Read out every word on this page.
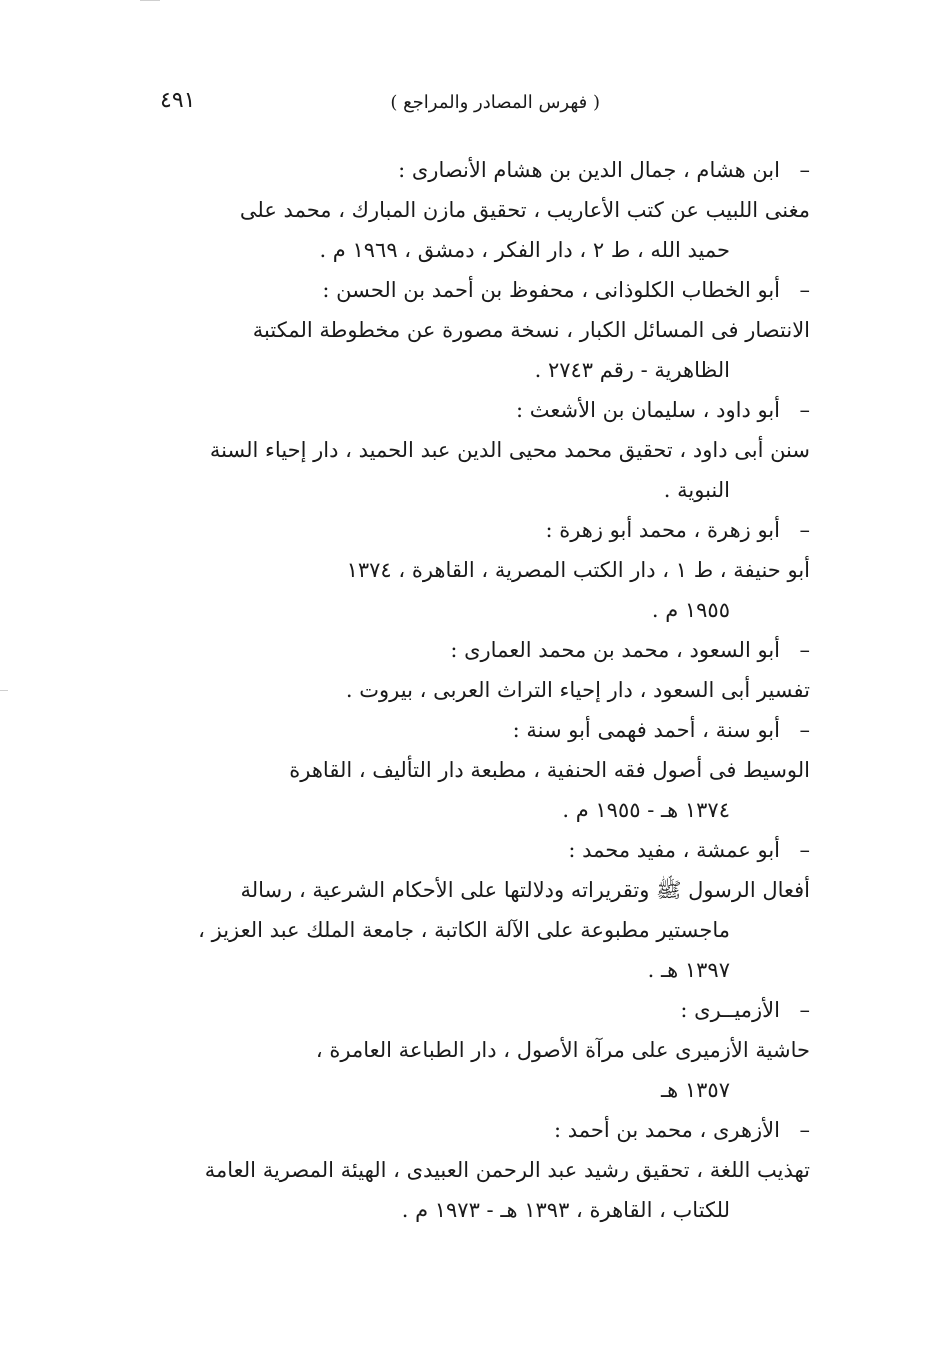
( فهرس المصادر والمراجع )
٤٩١
–ابن هشام ، جمال الدين بن هشام الأنصارى :
مغنى اللبيب عن كتب الأعاريب ، تحقيق مازن المبارك ، محمد على
حميد الله ، ط ٢ ، دار الفكر ، دمشق ، ١٩٦٩ م .
–أبو الخطاب الكلوذانى ، محفوظ بن أحمد بن الحسن :
الانتصار فى المسائل الكبار ، نسخة مصورة عن مخطوطة المكتبة
الظاهرية - رقم ٢٧٤٣ .
–أبو داود ، سليمان بن الأشعث :
سنن أبى داود ، تحقيق محمد محيى الدين عبد الحميد ، دار إحياء السنة
النبوية .
–أبو زهرة ، محمد أبو زهرة :
أبو حنيفة ، ط ١ ، دار الكتب المصرية ، القاهرة ، ١٣٧٤
١٩٥٥ م .
–أبو السعود ، محمد بن محمد العمارى :
تفسير أبى السعود ، دار إحياء التراث العربى ، بيروت .
–أبو سنة ، أحمد فهمى أبو سنة :
الوسيط فى أصول فقه الحنفية ، مطبعة دار التأليف ، القاهرة
١٣٧٤ هـ - ١٩٥٥ م .
–أبو عمشة ، مفيد محمد :
أفعال الرسول ﷺ وتقريراته ودلالتها على الأحكام الشرعية ، رسالة
ماجستير مطبوعة على الآلة الكاتبة ، جامعة الملك عبد العزيز ،
١٣٩٧ هـ .
–الأزميــرى :
حاشية الأزميرى على مرآة الأصول ، دار الطباعة العامرة ،
١٣٥٧ هـ
–الأزهرى ، محمد بن أحمد :
تهذيب اللغة ، تحقيق رشيد عبد الرحمن العبيدى ، الهيئة المصرية العامة
للكتاب ، القاهرة ، ١٣٩٣ هـ - ١٩٧٣ م .
